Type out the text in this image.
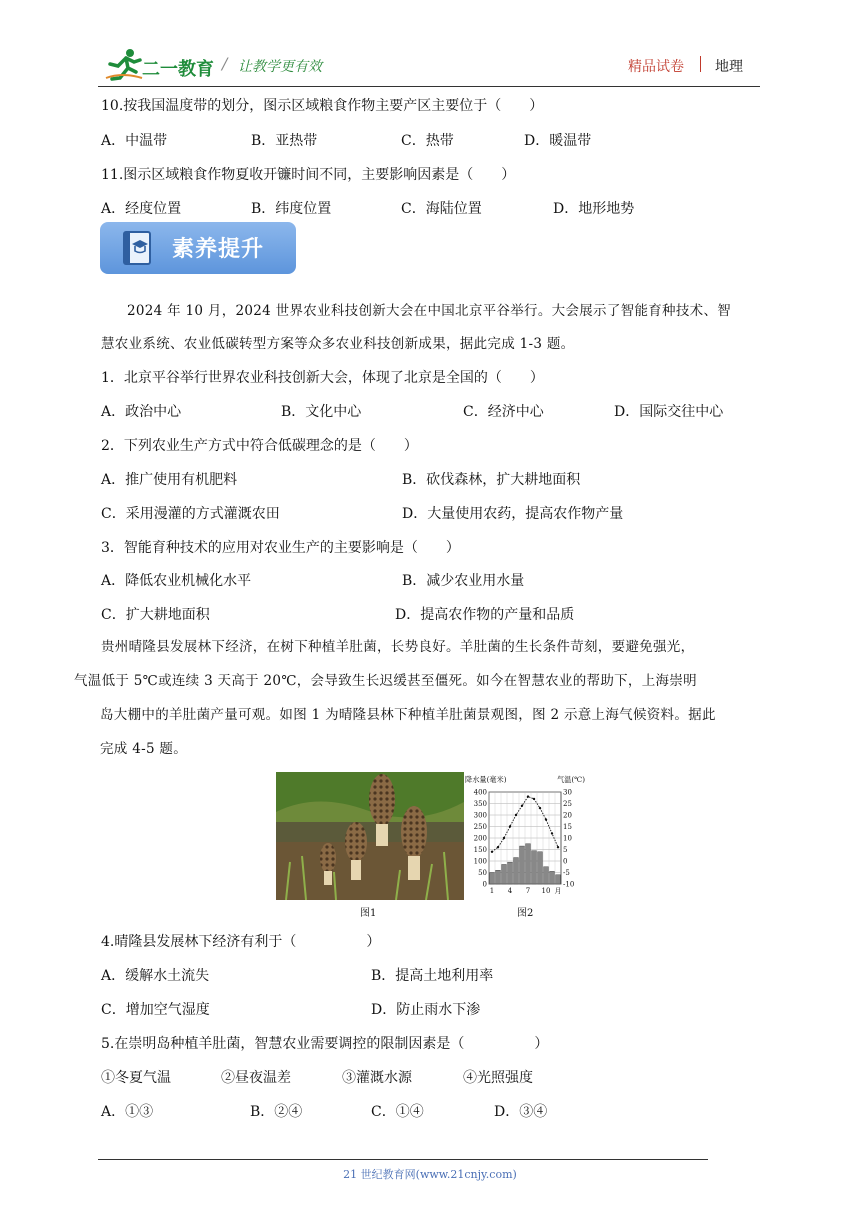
二一教育 / 让教学更有效	精品试卷 地理
10.按我国温度带的划分，图示区域粮食作物主要产区主要位于（　　）
A．中温带	B．亚热带	C．热带	D．暖温带
11.图示区域粮食作物夏收开镰时间不同，主要影响因素是（　　）
A．经度位置	B．纬度位置	C．海陆位置	D．地形地势
素养提升
2024 年 10 月，2024 世界农业科技创新大会在中国北京平谷举行。大会展示了智能育种技术、智
慧农业系统、农业低碳转型方案等众多农业科技创新成果，据此完成 1-3 题。
1．北京平谷举行世界农业科技创新大会，体现了北京是全国的（　　）
A．政治中心	B．文化中心	C．经济中心	D．国际交往中心
2．下列农业生产方式中符合低碳理念的是（　　）
A．推广使用有机肥料	B．砍伐森林，扩大耕地面积
C．采用漫灌的方式灌溉农田	D．大量使用农药，提高农作物产量
3．智能育种技术的应用对农业生产的主要影响是（　　）
A．降低农业机械化水平	B．减少农业用水量
C．扩大耕地面积	D．提高农作物的产量和品质
贵州晴隆县发展林下经济，在树下种植羊肚菌，长势良好。羊肚菌的生长条件苛刻，要避免强光，
气温低于 5℃或连续 3 天高于 20℃，会导致生长迟缓甚至僵死。如今在智慧农业的帮助下，上海崇明
岛大棚中的羊肚菌产量可观。如图 1 为晴隆县林下种植羊肚菌景观图，图 2 示意上海气候资料。据此
完成 4-5 题。
图1
400	30
350	25
300	20
250	15
200	10
150	5
100	0
50	-5
0	-10
降水量(毫米)	气温(℃)
1 4 7 10 月
图2
4.晴隆县发展林下经济有利于（　　　　　）
A．缓解水土流失	B．提高土地利用率
C．增加空气湿度	D．防止雨水下渗
5.在崇明岛种植羊肚菌，智慧农业需要调控的限制因素是（　　　　　）
①冬夏气温	②昼夜温差	③灌溉水源	④光照强度
A．①③	B．②④	C．①④	D．③④
21 世纪教育网(www.21cnjy.com)
